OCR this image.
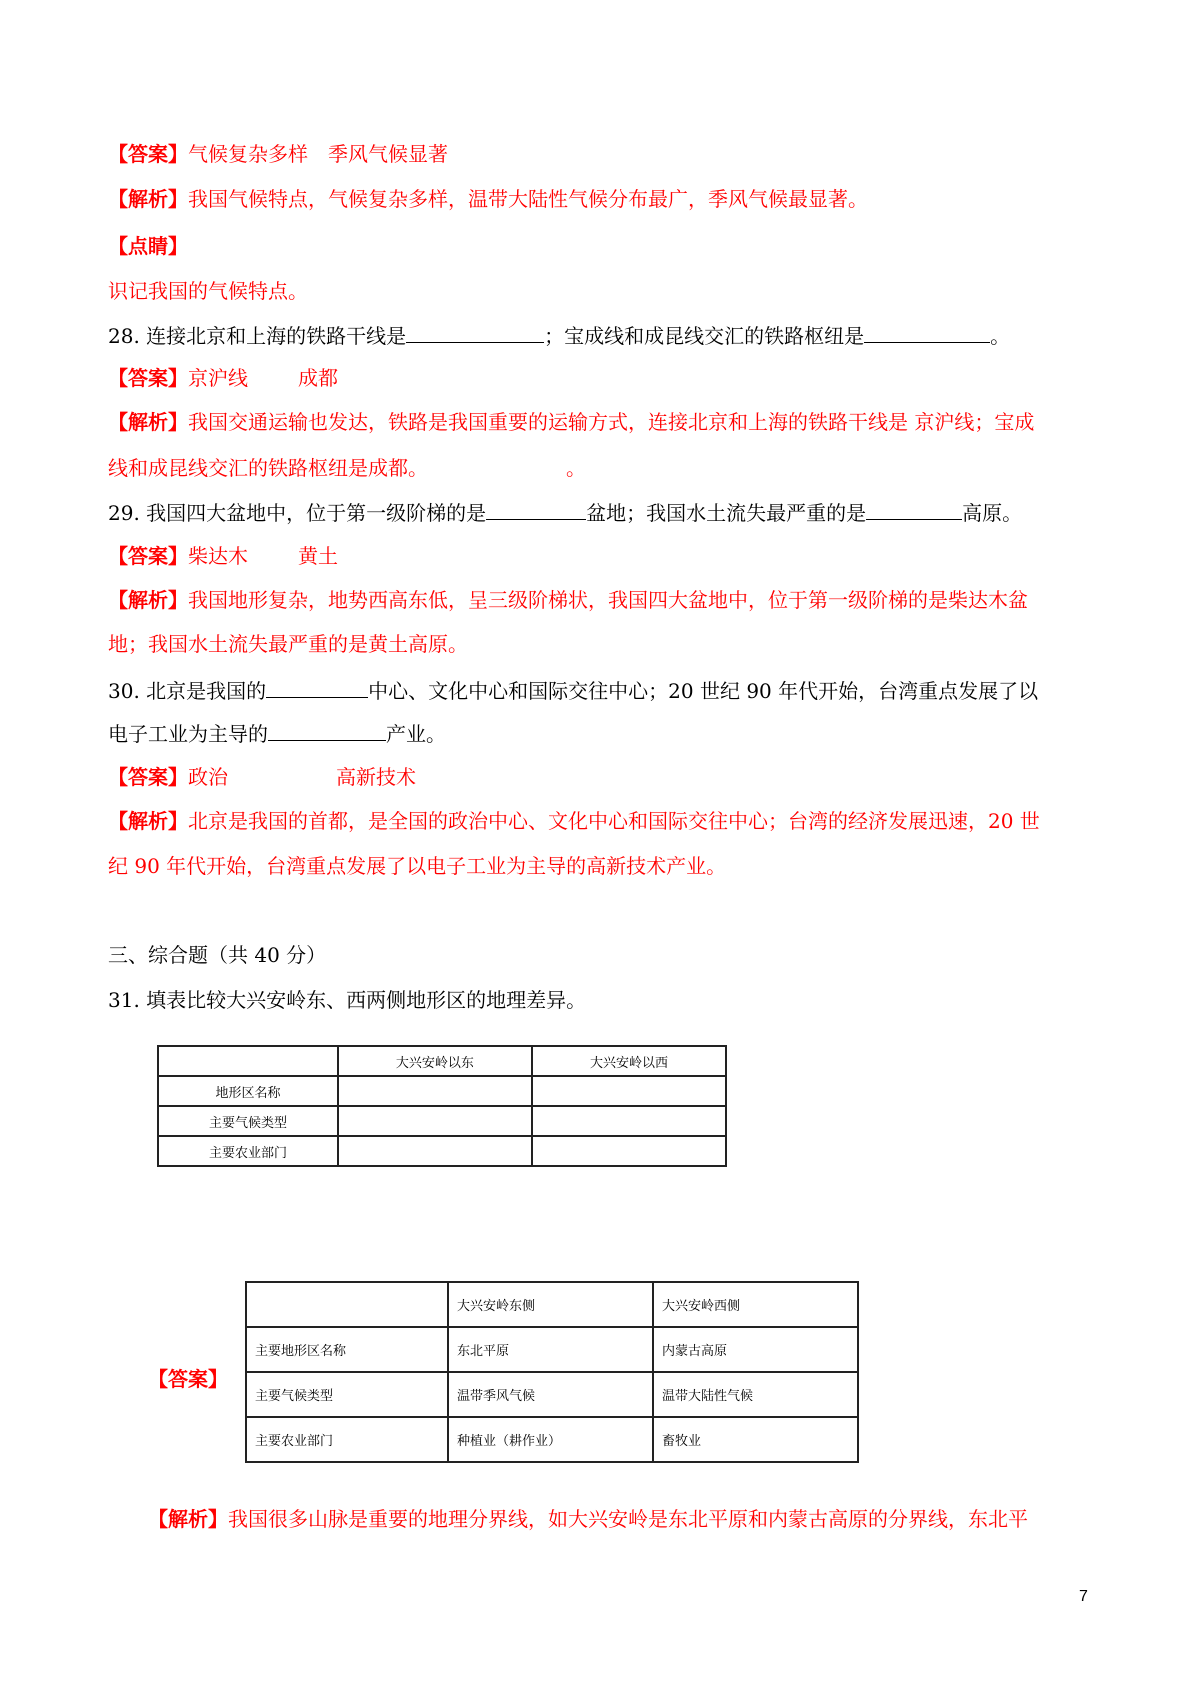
【答案】气候复杂多样　季风气候显著
【解析】我国气候特点，气候复杂多样，温带大陆性气候分布最广，季风气候最显著。
【点睛】
识记我国的气候特点。
28. 连接北京和上海的铁路干线是	；宝成线和成昆线交汇的铁路枢纽是	。
【答案】京沪线	成都
【解析】我国交通运输也发达，铁路是我国重要的运输方式，连接北京和上海的铁路干线是 京沪线；宝成
线和成昆线交汇的铁路枢纽是成都。	。
29. 我国四大盆地中，位于第一级阶梯的是	盆地；我国水土流失最严重的是	高原。
【答案】柴达木	黄土
【解析】我国地形复杂，地势西高东低，呈三级阶梯状，我国四大盆地中，位于第一级阶梯的是柴达木盆
地；我国水土流失最严重的是黄土高原。
30. 北京是我国的	中心、文化中心和国际交往中心；20 世纪 90 年代开始，台湾重点发展了以
电子工业为主导的	产业。
【答案】政治	高新技术
【解析】北京是我国的首都，是全国的政治中心、文化中心和国际交往中心；台湾的经济发展迅速，20 世
纪 90 年代开始，台湾重点发展了以电子工业为主导的高新技术产业。
三、综合题（共 40 分）
31. 填表比较大兴安岭东、西两侧地形区的地理差异。
	大兴安岭以东	大兴安岭以西
地形区名称		
主要气候类型		
主要农业部门		
【答案】
	大兴安岭东侧	大兴安岭西侧
主要地形区名称	东北平原	内蒙古高原
主要气候类型	温带季风气候	温带大陆性气候
主要农业部门	种植业（耕作业）	畜牧业
【解析】我国很多山脉是重要的地理分界线，如大兴安岭是东北平原和内蒙古高原的分界线，东北平
7
